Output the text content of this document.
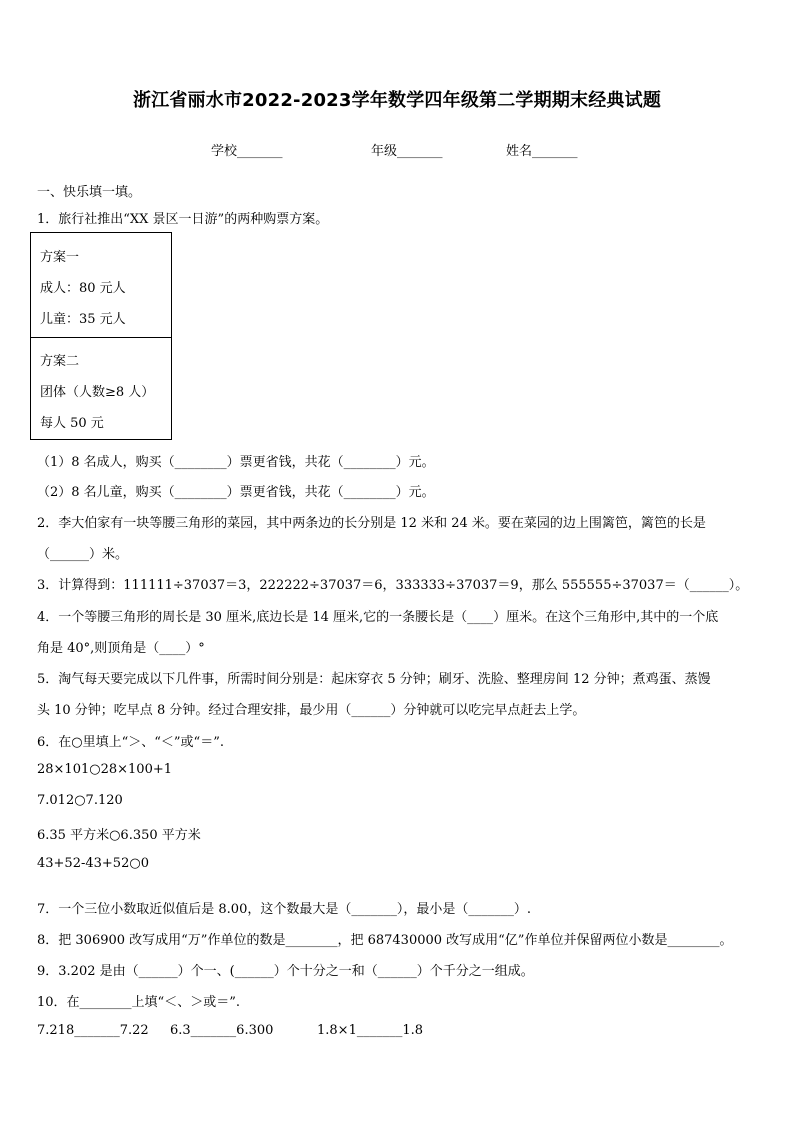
浙江省丽水市2022-2023学年数学四年级第二学期期末经典试题
学校_______	年级_______	姓名_______
一、快乐填一填。
1．旅行社推出“XX 景区一日游”的两种购票方案。
方案一
成人：80 元人
儿童：35 元人
方案二
团体（人数≥8 人）
每人 50 元
（1）8 名成人，购买（________）票更省钱，共花（________）元。
（2）8 名儿童，购买（________）票更省钱，共花（________）元。
2．李大伯家有一块等腰三角形的菜园，其中两条边的长分别是 12 米和 24 米。要在菜园的边上围篱笆，篱笆的长是
（______）米。
3．计算得到：111111÷37037＝3，222222÷37037＝6，333333÷37037＝9，那么 555555÷37037＝（______）。
4．一个等腰三角形的周长是 30 厘米,底边长是 14 厘米,它的一条腰长是（____）厘米。在这个三角形中,其中的一个底
角是 40°,则顶角是（____）°
5．淘气每天要完成以下几件事，所需时间分别是：起床穿衣 5 分钟；刷牙、洗脸、整理房间 12 分钟；煮鸡蛋、蒸馒
头 10 分钟；吃早点 8 分钟。经过合理安排，最少用（______）分钟就可以吃完早点赶去上学。
6．在○里填上“＞、“＜”或“＝”.
28×101○28×100+1
7.012○7.120
6.35 平方米○6.350 平方米
43+52-43+52○0
7．一个三位小数取近似值后是 8.00，这个数最大是（_______），最小是（_______）.
8．把 306900 改写成用“万”作单位的数是________，把 687430000 改写成用“亿”作单位并保留两位小数是________。
9．3.202 是由（______）个一、(______）个十分之一和（______）个千分之一组成。
10．在________上填“＜、＞或＝”.
7.218_______7.22 6.3_______6.300	1.8×1_______1.8
